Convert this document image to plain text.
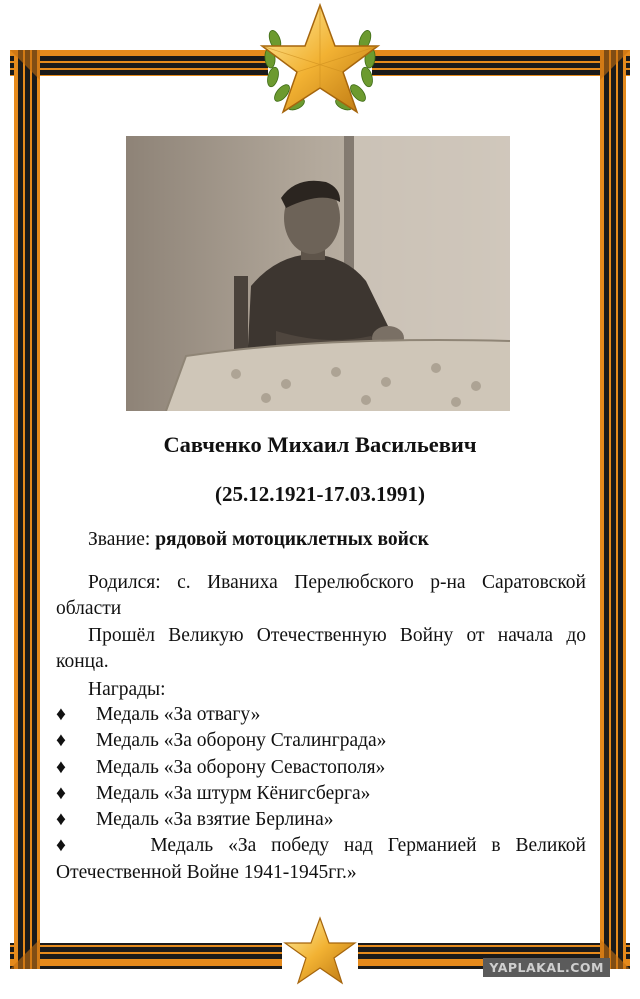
Савченко Михаил Васильевич
(25.12.1921-17.03.1991)

Звание: рядовой мотоциклетных войск

Родился: с. Иваниха Перелюбского р-на Саратовской области

Прошёл Великую Отечественную Войну от начала до конца.

Награды:

♦ Медаль «За отвагу»
♦ Медаль «За оборону Сталинграда»
♦ Медаль «За оборону Севастополя»
♦ Медаль «За штурм Кёнигсберга»
♦ Медаль «За взятие Берлина»
♦	Медаль «За победу над Германией в Великой Отечественной Войне 1941-1945гг.»
YAPLAKAL.COM
